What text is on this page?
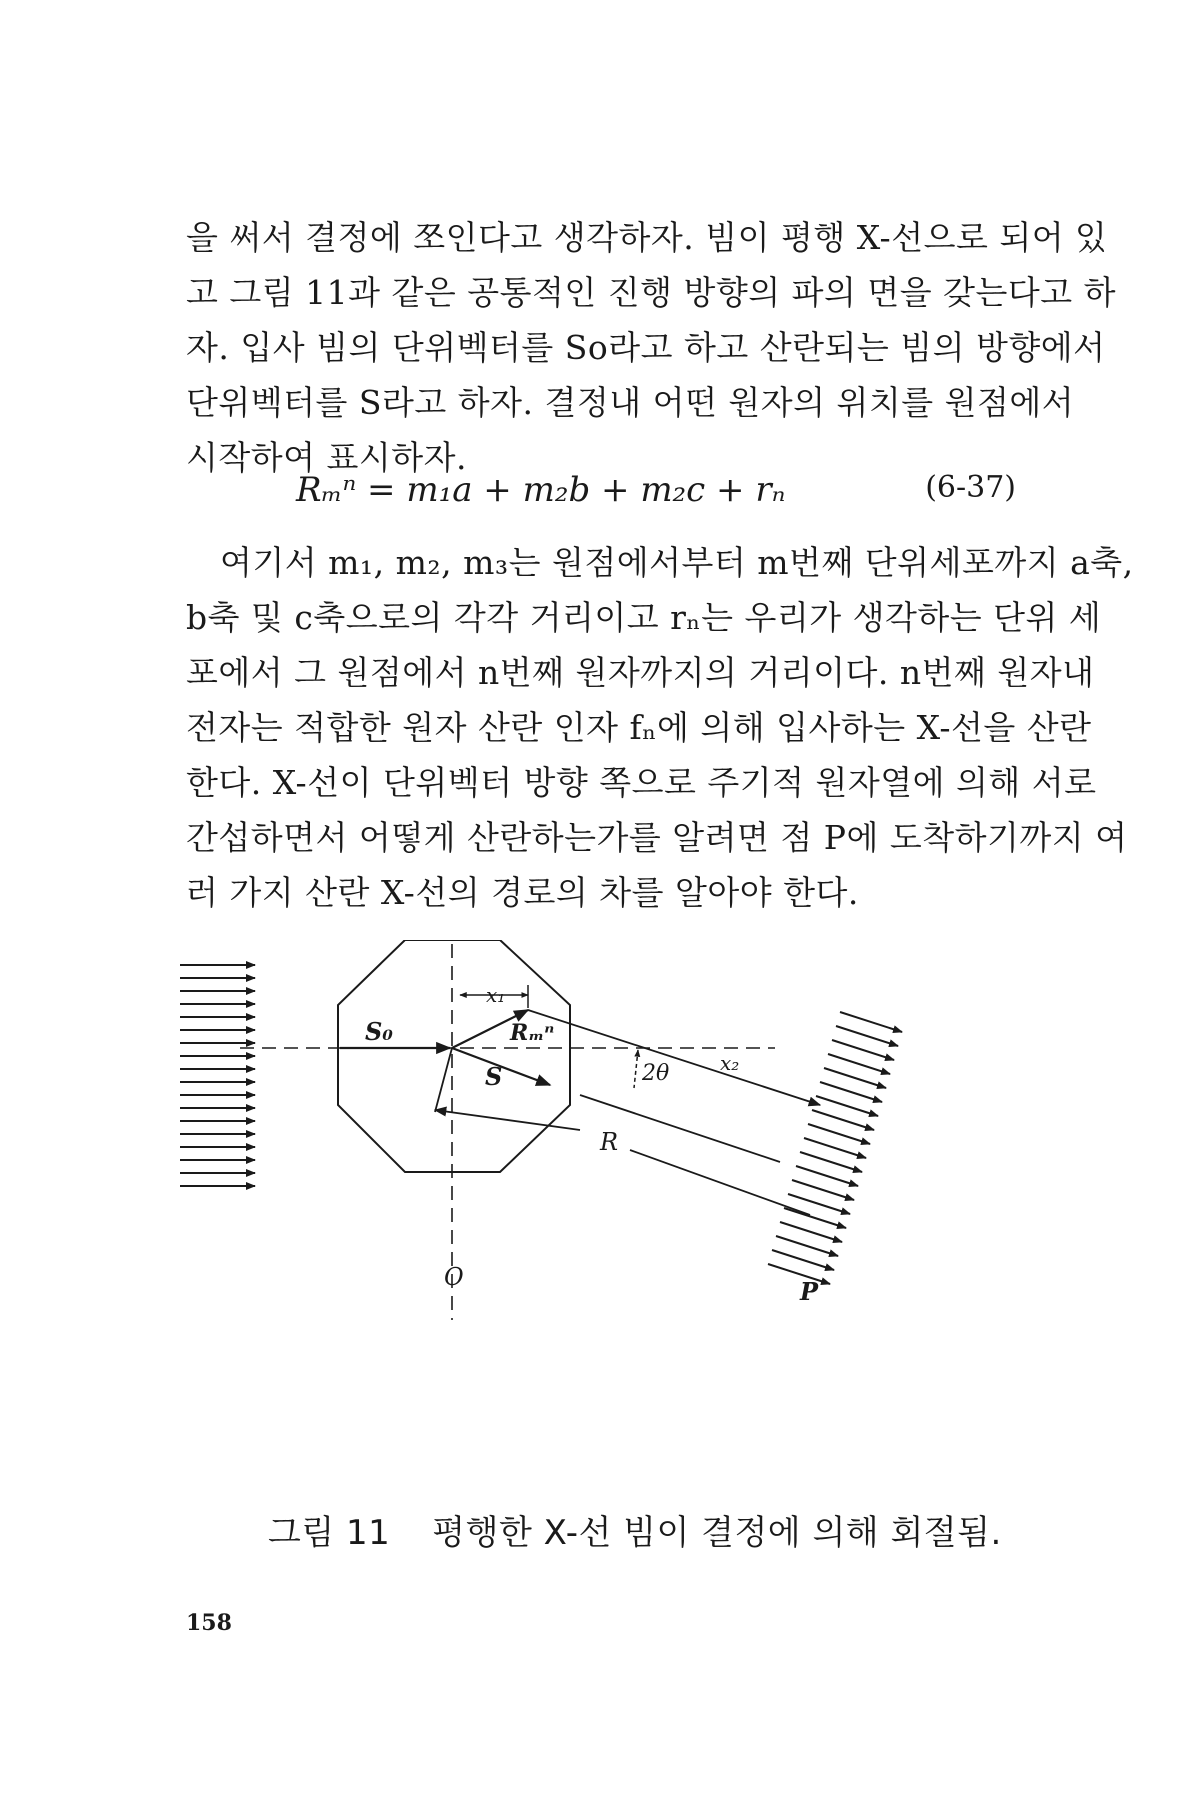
을 써서 결정에 쪼인다고 생각하자. 빔이 평행 X-선으로 되어 있
고 그림 11과 같은 공통적인 진행 방향의 파의 면을 갖는다고 하
자. 입사 빔의 단위벡터를 So라고 하고 산란되는 빔의 방향에서
단위벡터를 S라고 하자. 결정내 어떤 원자의 위치를 원점에서
시작하여 표시하자.
Rₘⁿ = m₁a + m₂b + m₂c + rₙ	(6-37)
여기서 m₁, m₂, m₃는 원점에서부터 m번째 단위세포까지 a축,
b축 및 c축으로의 각각 거리이고 rₙ는 우리가 생각하는 단위 세
포에서 그 원점에서 n번째 원자까지의 거리이다. n번째 원자내
전자는 적합한 원자 산란 인자 fₙ에 의해 입사하는 X-선을 산란
한다. X-선이 단위벡터 방향 쪽으로 주기적 원자열에 의해 서로
간섭하면서 어떻게 산란하는가를 알려면 점 P에 도착하기까지 여
러 가지 산란 X-선의 경로의 차를 알아야 한다.
S₀
S
Rₘⁿ
x₁
x₂
2θ
R
O	P
그림 11 평행한 X-선 빔이 결정에 의해 회절됨.
158
